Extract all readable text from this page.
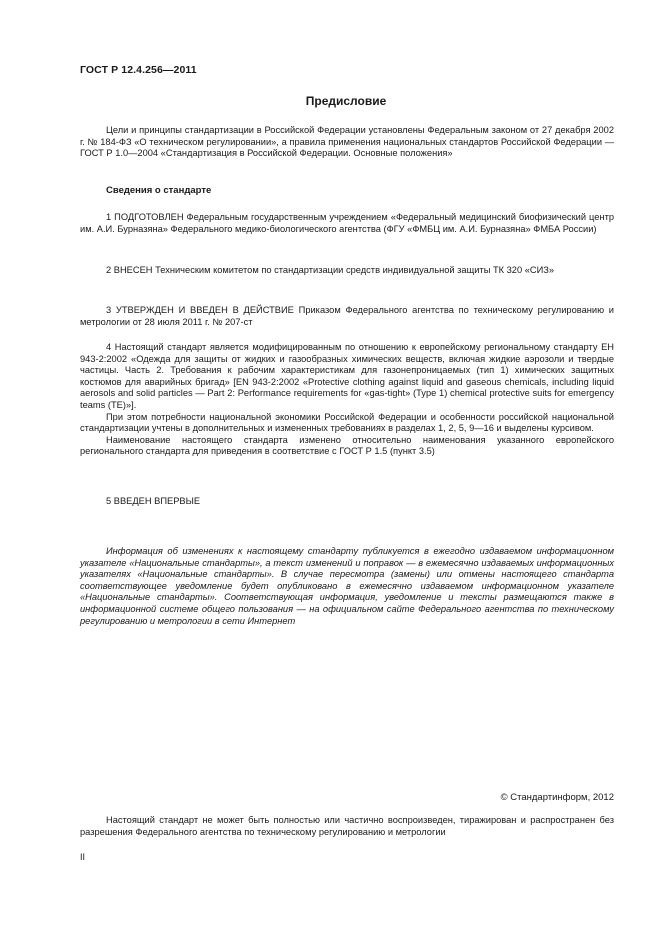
ГОСТ Р 12.4.256—2011
Предисловие

Цели и принципы стандартизации в Российской Федерации установлены Федеральным законом от 27 декабря 2002 г. № 184-ФЗ «О техническом регулировании», а правила применения национальных стандартов Российской Федерации — ГОСТ Р 1.0—2004 «Стандартизация в Российской Федерации. Основные положения»

Сведения о стандарте

1 ПОДГОТОВЛЕН Федеральным государственным учреждением «Федеральный медицинский биофизический центр им. А.И. Бурназяна» Федерального медико-биологического агентства (ФГУ «ФМБЦ им. А.И. Бурназяна» ФМБА России)

2 ВНЕСЕН Техническим комитетом по стандартизации средств индивидуальной защиты ТК 320 «СИЗ»

3 УТВЕРЖДЕН И ВВЕДЕН В ДЕЙСТВИЕ Приказом Федерального агентства по техническому регулированию и метрологии от 28 июля 2011 г. № 207-ст

4 Настоящий стандарт является модифицированным по отношению к европейскому региональному стандарту ЕН 943-2:2002 «Одежда для защиты от жидких и газообразных химических веществ, включая жидкие аэрозоли и твердые частицы. Часть 2. Требования к рабочим характеристикам для газонепроницаемых (тип 1) химических защитных костюмов для аварийных бригад» [EN 943-2:2002 «Protective clothing against liquid and gaseous chemicals, including liquid aerosols and solid particles — Part 2: Performance requirements for «gas-tight» (Type 1) chemical protective suits for emergency teams (TE)»].

При этом потребности национальной экономики Российской Федерации и особенности российской национальной стандартизации учтены в дополнительных и измененных требованиях в разделах 1, 2, 5, 9—16 и выделены курсивом.

Наименование настоящего стандарта изменено относительно наименования указанного европейского регионального стандарта для приведения в соответствие с ГОСТ Р 1.5 (пункт 3.5)

5 ВВЕДЕН ВПЕРВЫЕ

Информация об изменениях к настоящему стандарту публикуется в ежегодно издаваемом информационном указателе «Национальные стандарты», а текст изменений и поправок — в ежемесячно издаваемых информационных указателях «Национальные стандарты». В случае пересмотра (замены) или отмены настоящего стандарта соответствующее уведомление будет опубликовано в ежемесячно издаваемом информационном указателе «Национальные стандарты». Соответствующая информация, уведомление и тексты размещаются также в информационной системе общего пользования — на официальном сайте Федерального агентства по техническому регулированию и метрологии в сети Интернет

© Стандартинформ, 2012

Настоящий стандарт не может быть полностью или частично воспроизведен, тиражирован и распространен без разрешения Федерального агентства по техническому регулированию и метрологии

II
